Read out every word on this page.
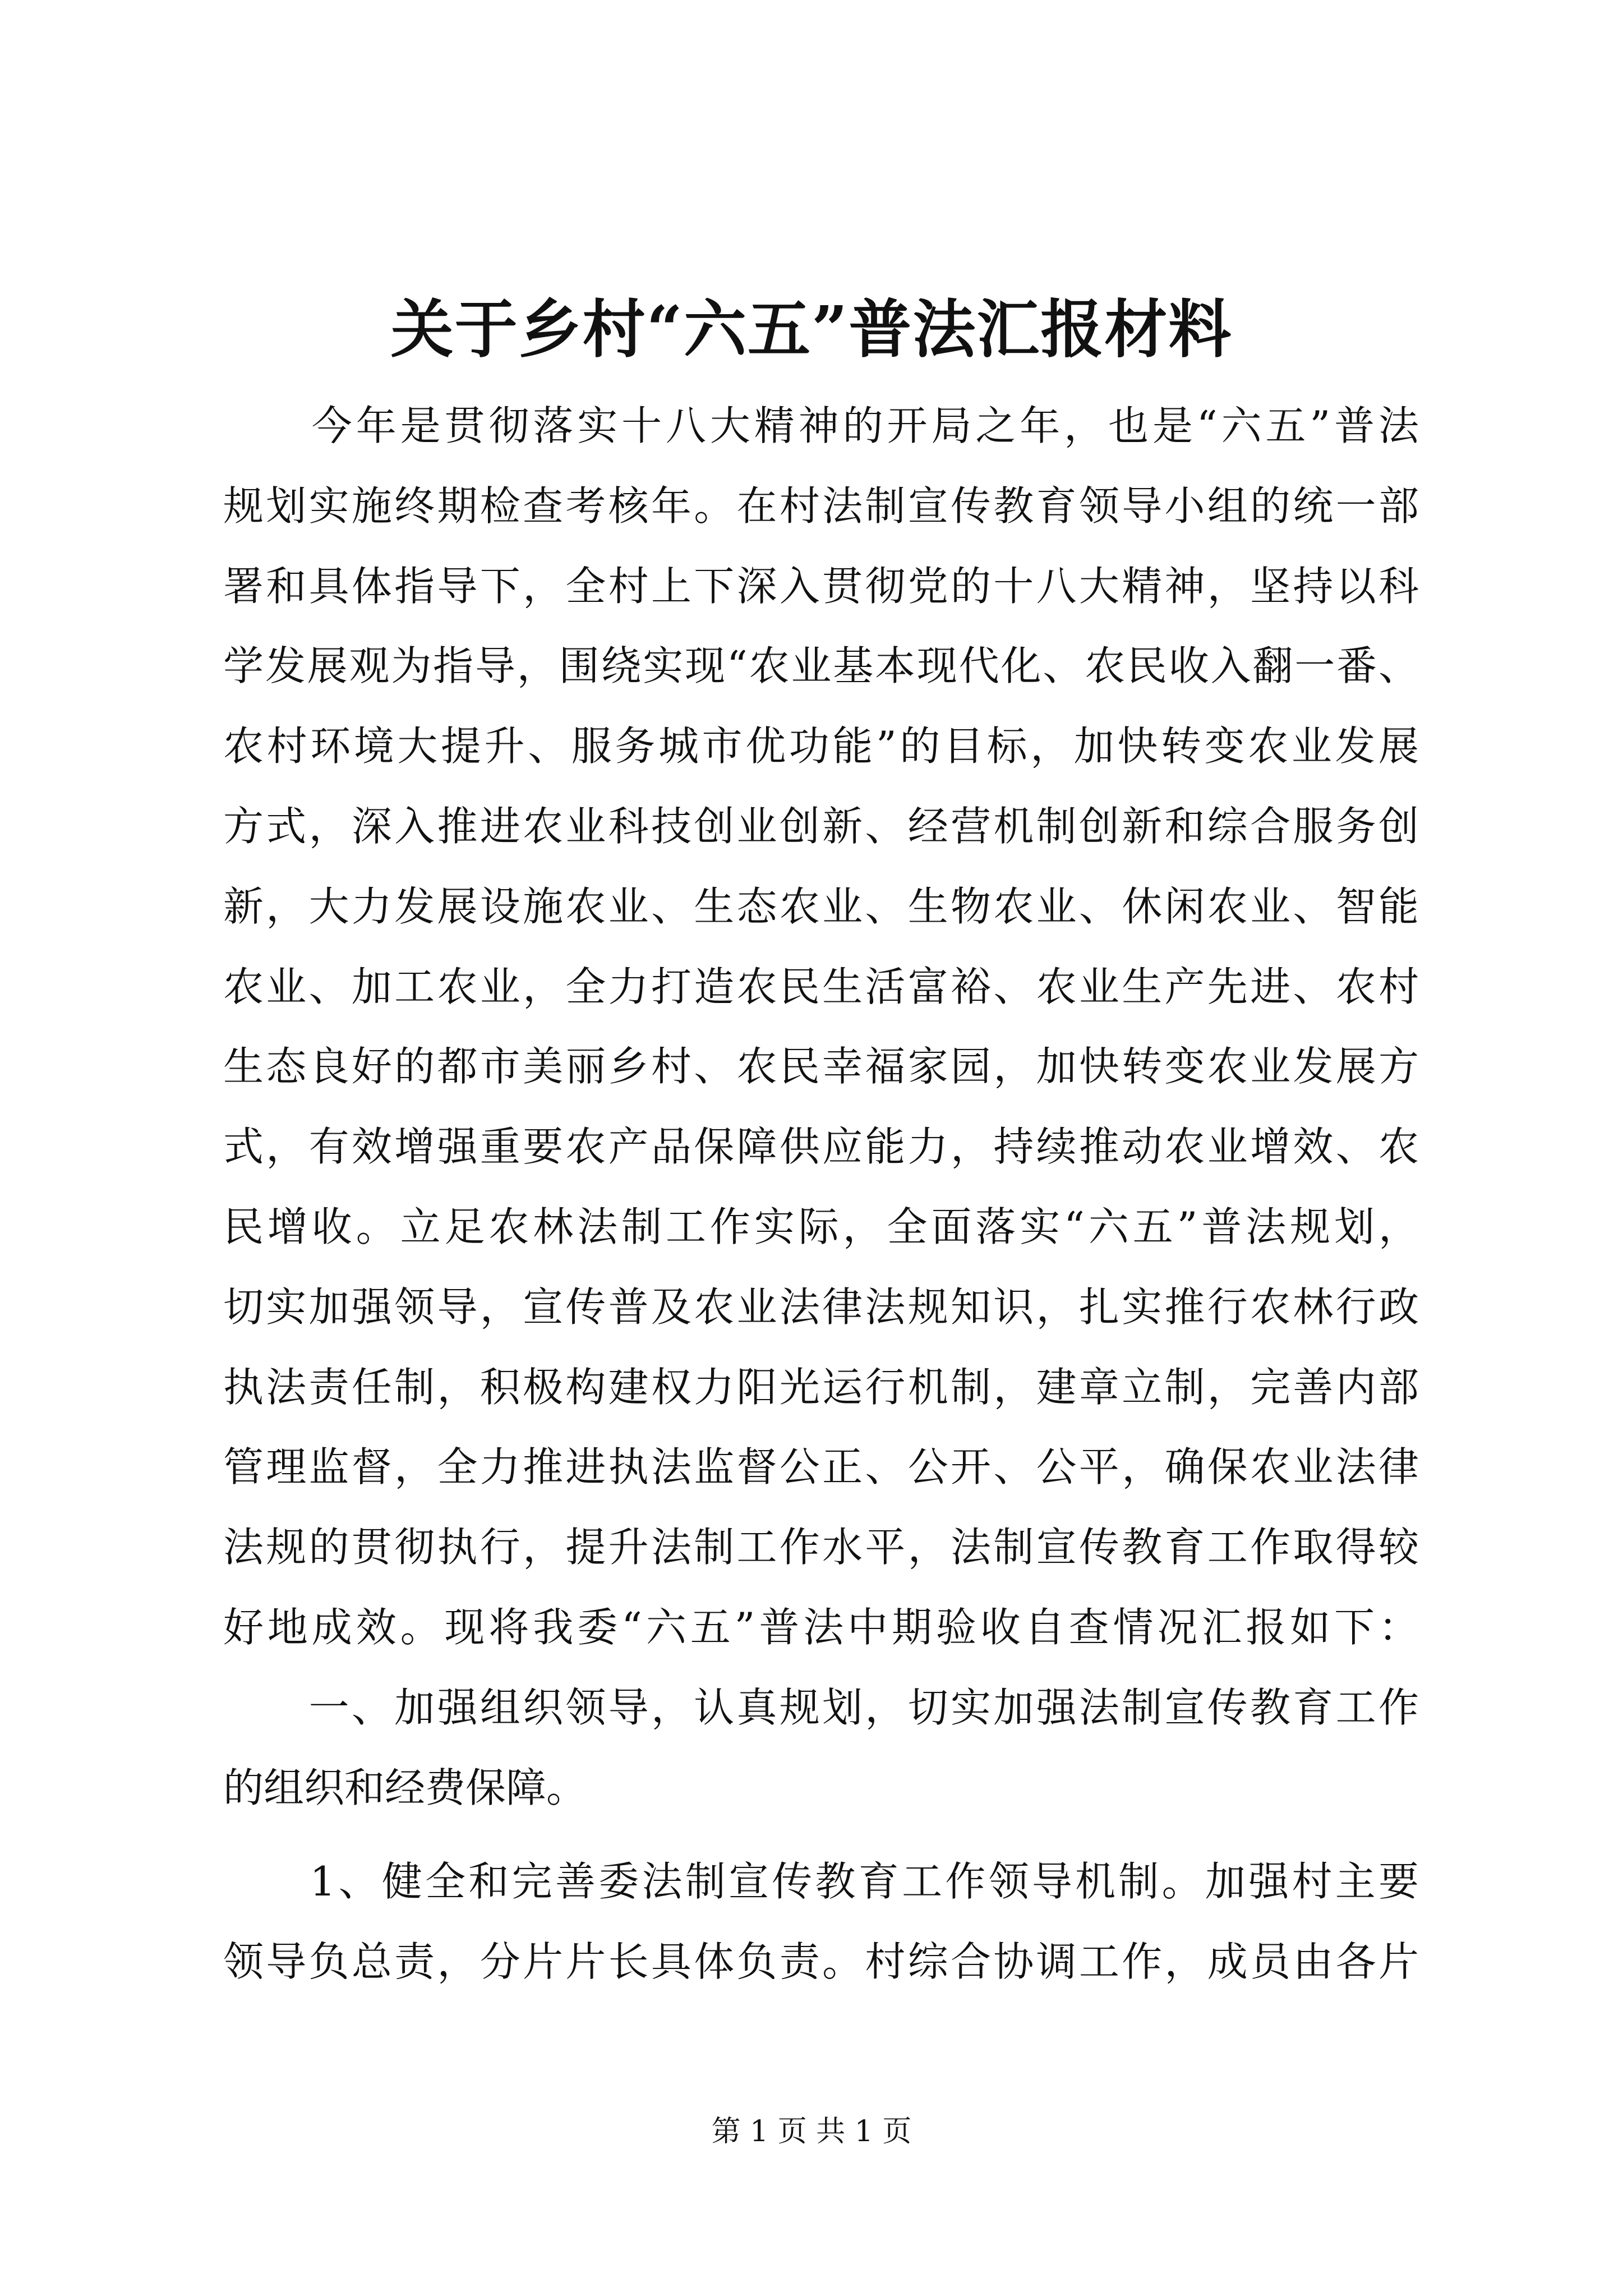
关于乡村“六五”普法汇报材料
　　今年是贯彻落实十八大精神的开局之年，也是“六五”普法
规划实施终期检查考核年。在村法制宣传教育领导小组的统一部
署和具体指导下，全村上下深入贯彻党的十八大精神，坚持以科
学发展观为指导，围绕实现“农业基本现代化、农民收入翻一番、
农村环境大提升、服务城市优功能”的目标，加快转变农业发展
方式，深入推进农业科技创业创新、经营机制创新和综合服务创
新，大力发展设施农业、生态农业、生物农业、休闲农业、智能
农业、加工农业，全力打造农民生活富裕、农业生产先进、农村
生态良好的都市美丽乡村、农民幸福家园，加快转变农业发展方
式，有效增强重要农产品保障供应能力，持续推动农业增效、农
民增收。立足农林法制工作实际，全面落实“六五”普法规划，
切实加强领导，宣传普及农业法律法规知识，扎实推行农林行政
执法责任制，积极构建权力阳光运行机制，建章立制，完善内部
管理监督，全力推进执法监督公正、公开、公平，确保农业法律
法规的贯彻执行，提升法制工作水平，法制宣传教育工作取得较
好地成效。现将我委“六五”普法中期验收自查情况汇报如下：
　　一、加强组织领导，认真规划，切实加强法制宣传教育工作
的组织和经费保障。
　　1、健全和完善委法制宣传教育工作领导机制。加强村主要
领导负总责，分片片长具体负责。村综合协调工作，成员由各片
第 1 页 共 1 页
